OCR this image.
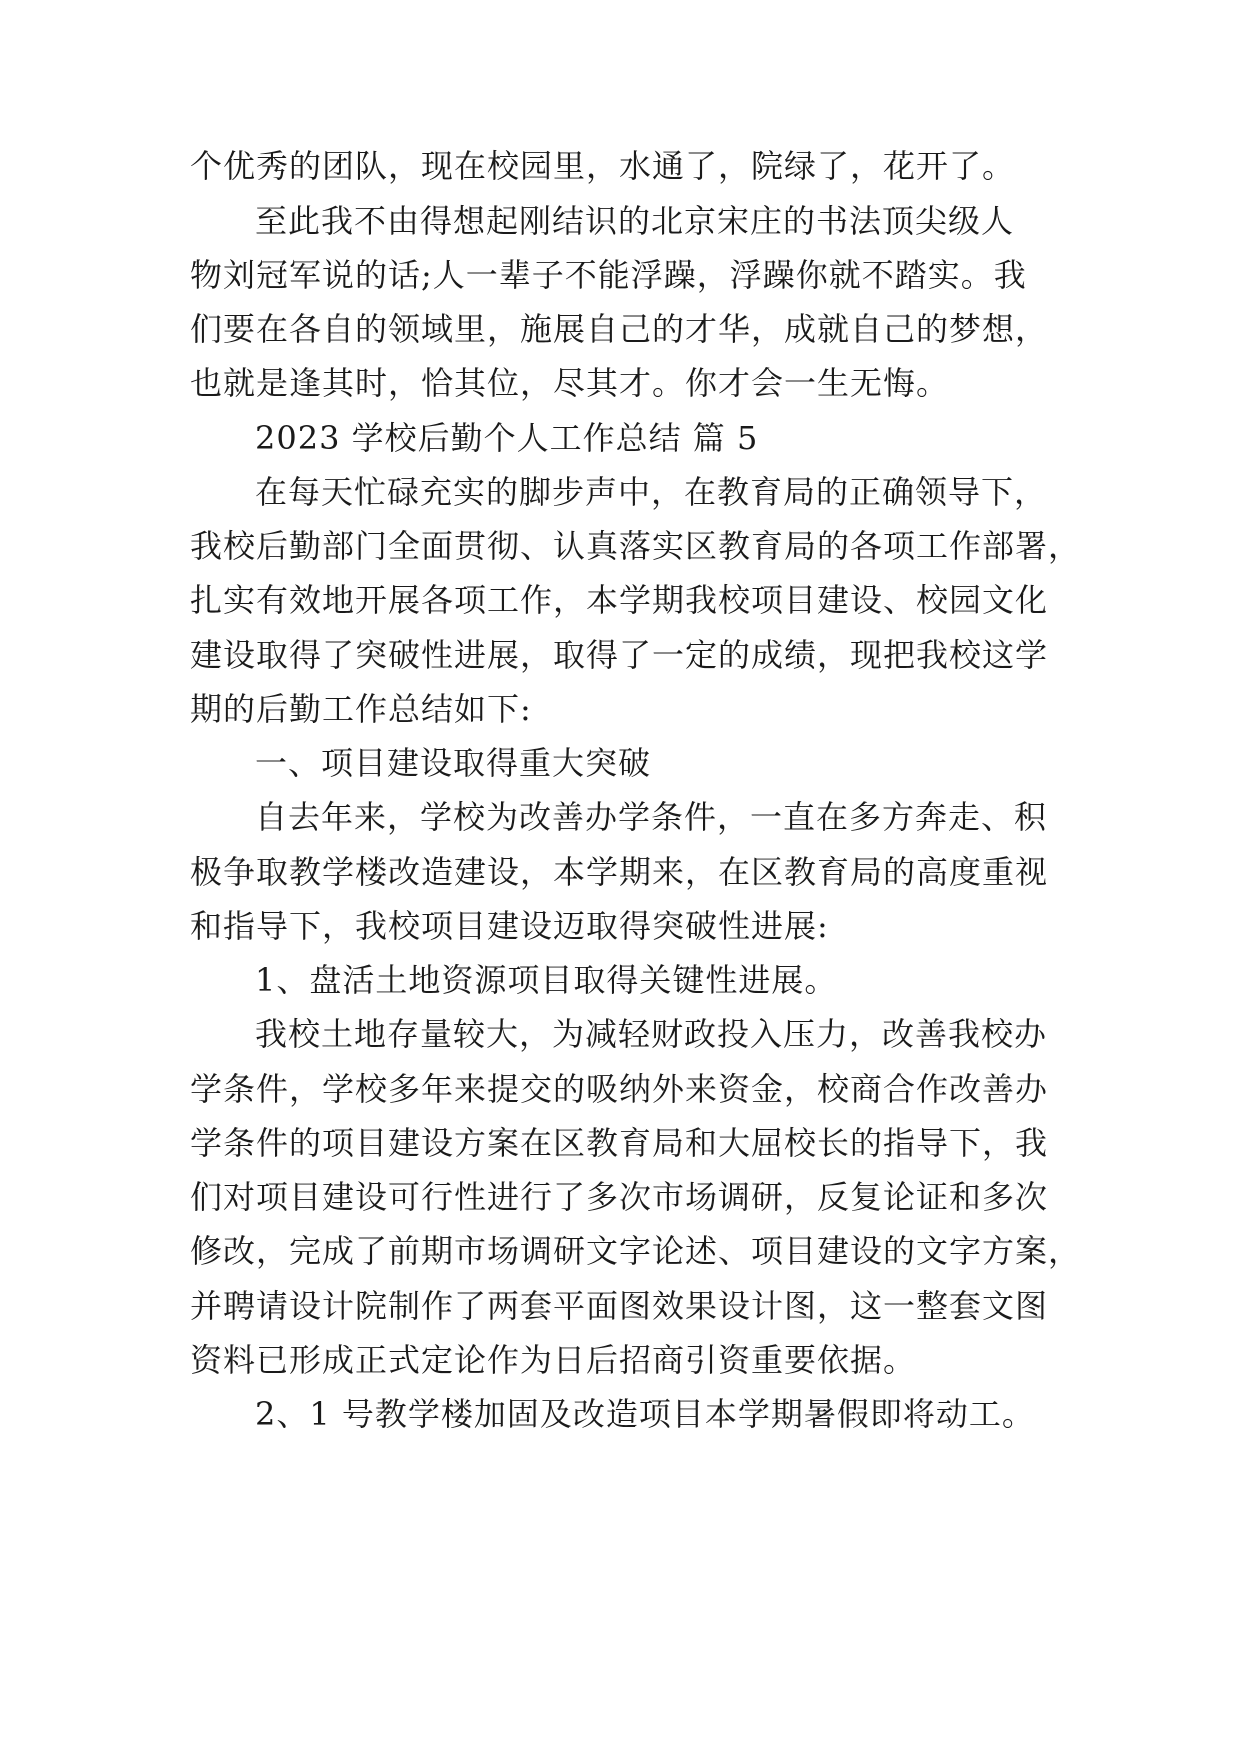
个优秀的团队，现在校园里，水通了，院绿了，花开了。
至此我不由得想起刚结识的北京宋庄的书法顶尖级人
物刘冠军说的话;人一辈子不能浮躁，浮躁你就不踏实。我
们要在各自的领域里，施展自己的才华，成就自己的梦想，
也就是逢其时，恰其位，尽其才。你才会一生无悔。
2023 学校后勤个人工作总结 篇 5
在每天忙碌充实的脚步声中，在教育局的正确领导下，
我校后勤部门全面贯彻、认真落实区教育局的各项工作部署，
扎实有效地开展各项工作，本学期我校项目建设、校园文化
建设取得了突破性进展，取得了一定的成绩，现把我校这学
期的后勤工作总结如下:
一、项目建设取得重大突破
自去年来，学校为改善办学条件，一直在多方奔走、积
极争取教学楼改造建设，本学期来，在区教育局的高度重视
和指导下，我校项目建设迈取得突破性进展:
1、盘活土地资源项目取得关键性进展。
我校土地存量较大，为减轻财政投入压力，改善我校办
学条件，学校多年来提交的吸纳外来资金，校商合作改善办
学条件的项目建设方案在区教育局和大屈校长的指导下，我
们对项目建设可行性进行了多次市场调研，反复论证和多次
修改，完成了前期市场调研文字论述、项目建设的文字方案，
并聘请设计院制作了两套平面图效果设计图，这一整套文图
资料已形成正式定论作为日后招商引资重要依据。
2、1 号教学楼加固及改造项目本学期暑假即将动工。
